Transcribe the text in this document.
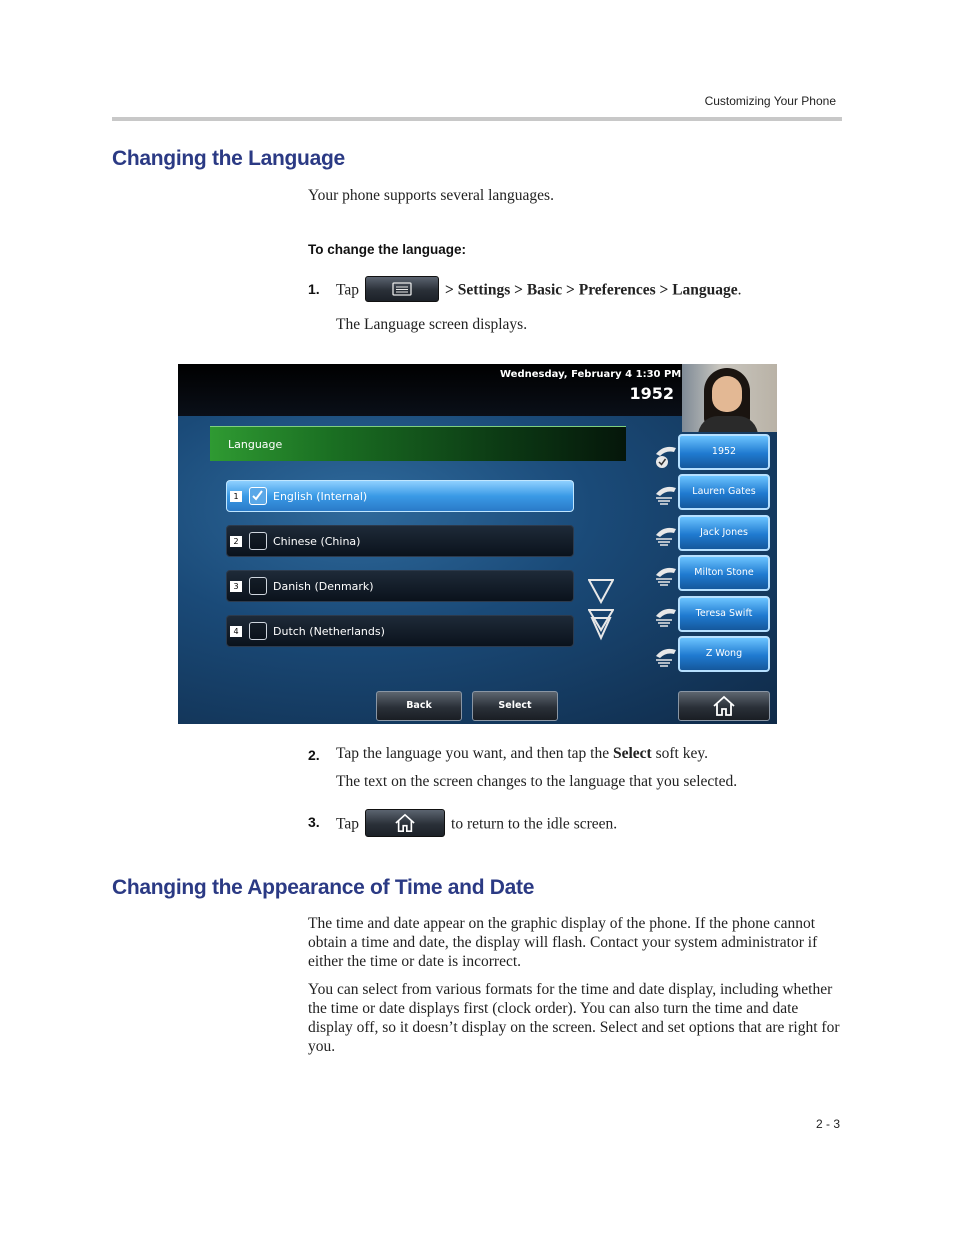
Customizing Your Phone
Changing the Language
Your phone supports several languages.
To change the language:
1. Tap	> Settings > Basic > Preferences > Language.
The Language screen displays.
Wednesday, February 4 1:30 PM
1952
Language
1	English (Internal)
2	Chinese (China)
3	Danish (Denmark)
4	Dutch (Netherlands)
1952
Lauren Gates
Jack Jones
Milton Stone
Teresa Swift
Z Wong
Back	Select
2. Tap the language you want, and then tap the Select soft key.
The text on the screen changes to the language that you selected.
3. Tap	to return to the idle screen.
Changing the Appearance of Time and Date
The time and date appear on the graphic display of the phone. If the phone cannot obtain a time and date, the display will flash. Contact your system administrator if either the time or date is incorrect.
You can select from various formats for the time and date display, including whether the time or date displays first (clock order). You can also turn the time and date display off, so it doesn’t display on the screen. Select and set options that are right for you.
2 - 3
